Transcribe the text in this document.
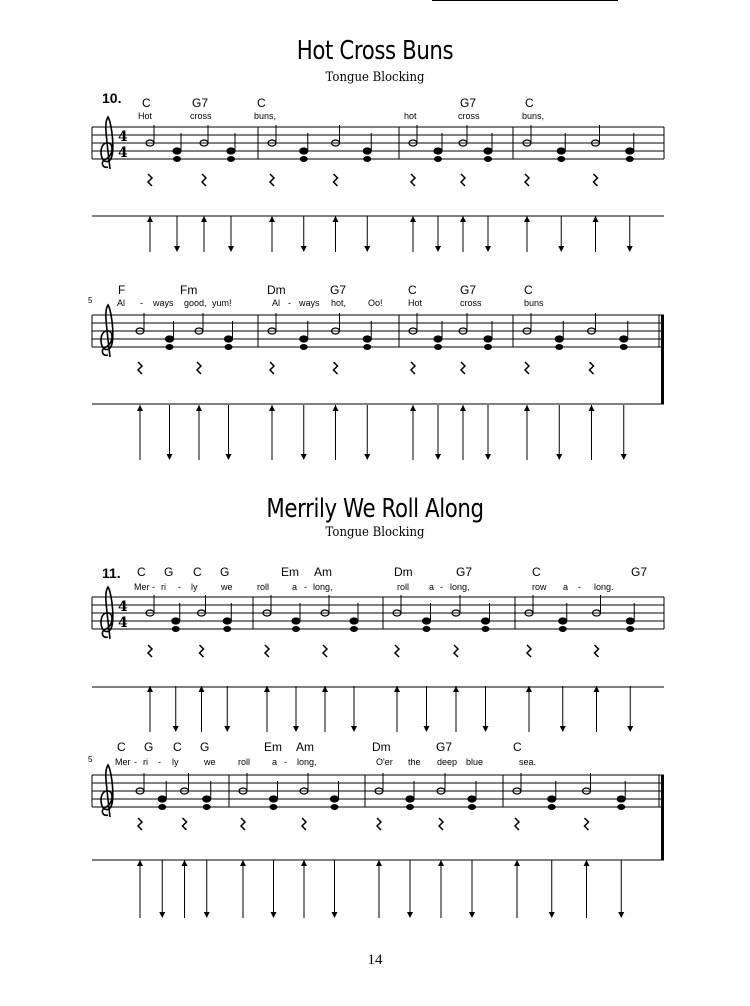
Hot Cross Buns
Tongue Blocking
10. C	G7	C	G7	C
Hot	cross	buns,	hot	cross	buns,
4
4
F	Fm	Dm	G7	C	G7	C
Al - ways good, yum!	Al - ways hot, Oo!	Hot	cross	buns
5
Merrily We Roll Along
Tongue Blocking
11. C G C G	Em Am	Dm	G7	C	G7
Mer - ri - ly	we	roll	a - long,	roll a - long,	row a - long.
4
4
C G C G	Em Am	Dm	G7	C
Mer - ri - ly	we roll a - long,	O'er the deep blue	sea.
5
14
